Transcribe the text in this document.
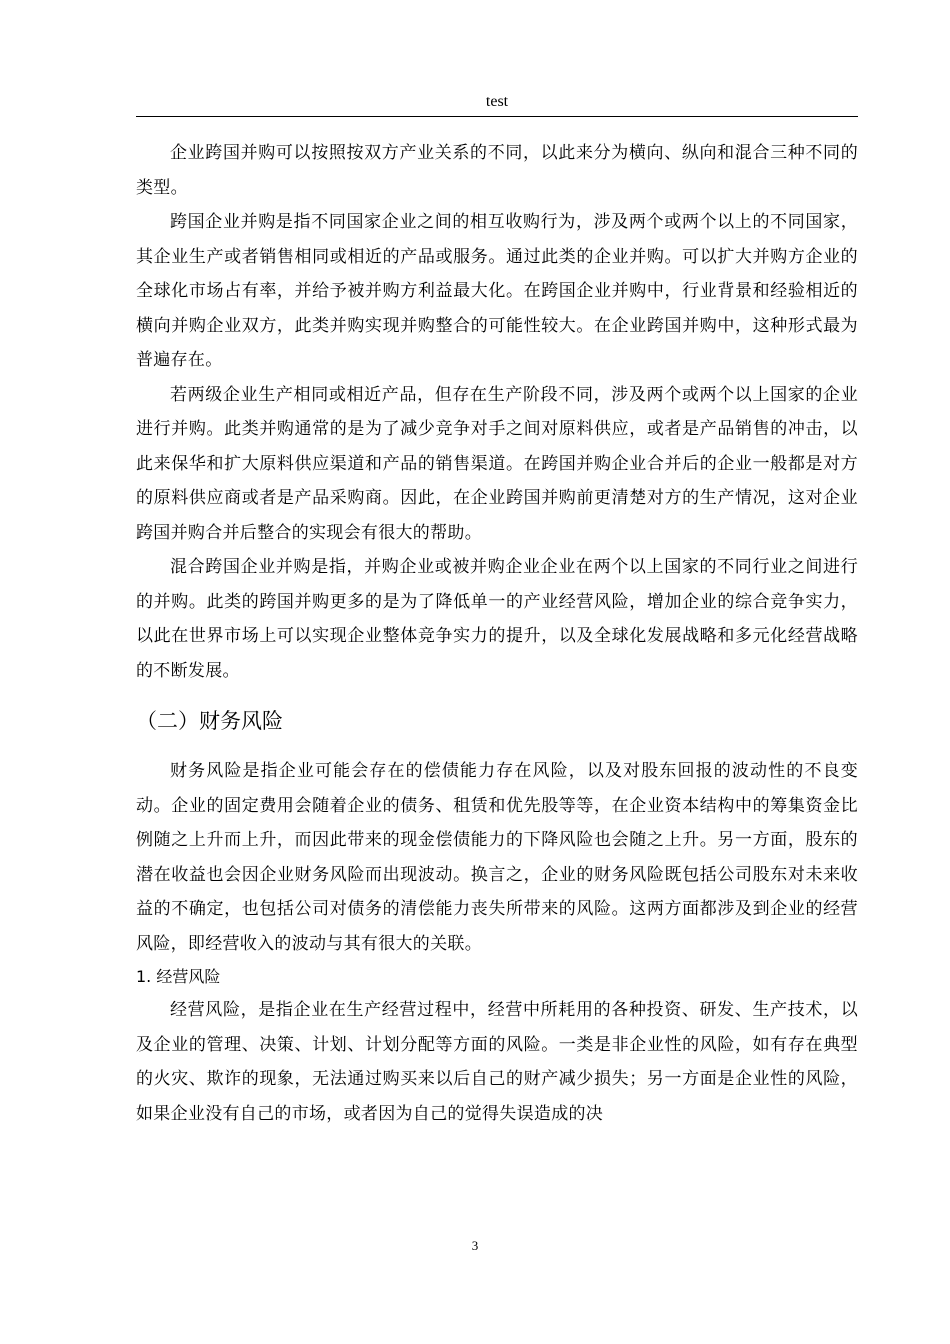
test

企业跨国并购可以按照按双方产业关系的不同，以此来分为横向、纵向和混合三种不同的类型。

跨国企业并购是指不同国家企业之间的相互收购行为，涉及两个或两个以上的不同国家，其企业生产或者销售相同或相近的产品或服务。通过此类的企业并购。可以扩大并购方企业的全球化市场占有率，并给予被并购方利益最大化。在跨国企业并购中，行业背景和经验相近的横向并购企业双方，此类并购实现并购整合的可能性较大。在企业跨国并购中，这种形式最为普遍存在。

若两级企业生产相同或相近产品，但存在生产阶段不同，涉及两个或两个以上国家的企业进行并购。此类并购通常的是为了减少竞争对手之间对原料供应，或者是产品销售的冲击，以此来保华和扩大原料供应渠道和产品的销售渠道。在跨国并购企业合并后的企业一般都是对方的原料供应商或者是产品采购商。因此，在企业跨国并购前更清楚对方的生产情况，这对企业跨国并购合并后整合的实现会有很大的帮助。

混合跨国企业并购是指，并购企业或被并购企业企业在两个以上国家的不同行业之间进行的并购。此类的跨国并购更多的是为了降低单一的产业经营风险，增加企业的综合竞争实力，以此在世界市场上可以实现企业整体竞争实力的提升，以及全球化发展战略和多元化经营战略的不断发展。

（二）财务风险

财务风险是指企业可能会存在的偿债能力存在风险，以及对股东回报的波动性的不良变动。企业的固定费用会随着企业的债务、租赁和优先股等等，在企业资本结构中的筹集资金比例随之上升而上升，而因此带来的现金偿债能力的下降风险也会随之上升。另一方面，股东的潜在收益也会因企业财务风险而出现波动。换言之，企业的财务风险既包括公司股东对未来收益的不确定，也包括公司对债务的清偿能力丧失所带来的风险。这两方面都涉及到企业的经营风险，即经营收入的波动与其有很大的关联。

1. 经营风险

经营风险，是指企业在生产经营过程中，经营中所耗用的各种投资、研发、生产技术，以及企业的管理、决策、计划、计划分配等方面的风险。一类是非企业性的风险，如有存在典型的火灾、欺诈的现象，无法通过购买来以后自己的财产减少损失；另一方面是企业性的风险，如果企业没有自己的市场，或者因为自己的觉得失误造成的决

3
